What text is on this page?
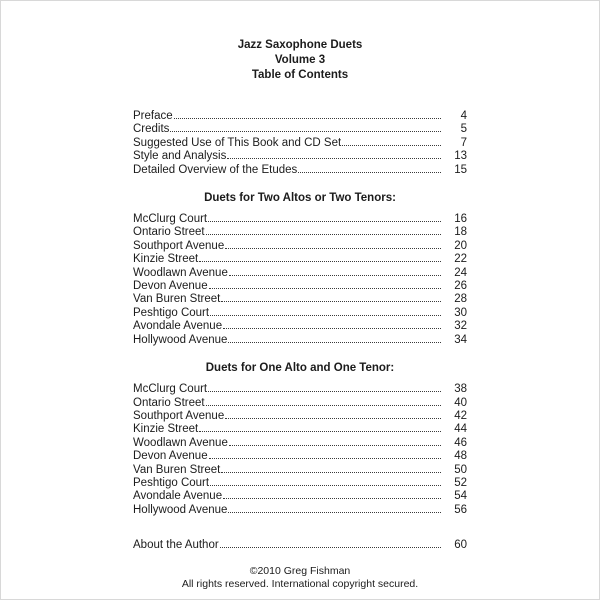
Jazz Saxophone Duets
Volume 3
Table of Contents
Preface	4
Credits	5
Suggested Use of This Book and CD Set	7
Style and Analysis	13
Detailed Overview of the Etudes	15
Duets for Two Altos or Two Tenors:
McClurg Court	16
Ontario Street	18
Southport Avenue	20
Kinzie Street	22
Woodlawn Avenue	24
Devon Avenue	26
Van Buren Street	28
Peshtigo Court	30
Avondale Avenue	32
Hollywood Avenue	34
Duets for One Alto and One Tenor:
McClurg Court	38
Ontario Street	40
Southport Avenue	42
Kinzie Street	44
Woodlawn Avenue	46
Devon Avenue	48
Van Buren Street	50
Peshtigo Court	52
Avondale Avenue	54
Hollywood Avenue	56
About the Author	60
©2010 Greg Fishman
All rights reserved. International copyright secured.
